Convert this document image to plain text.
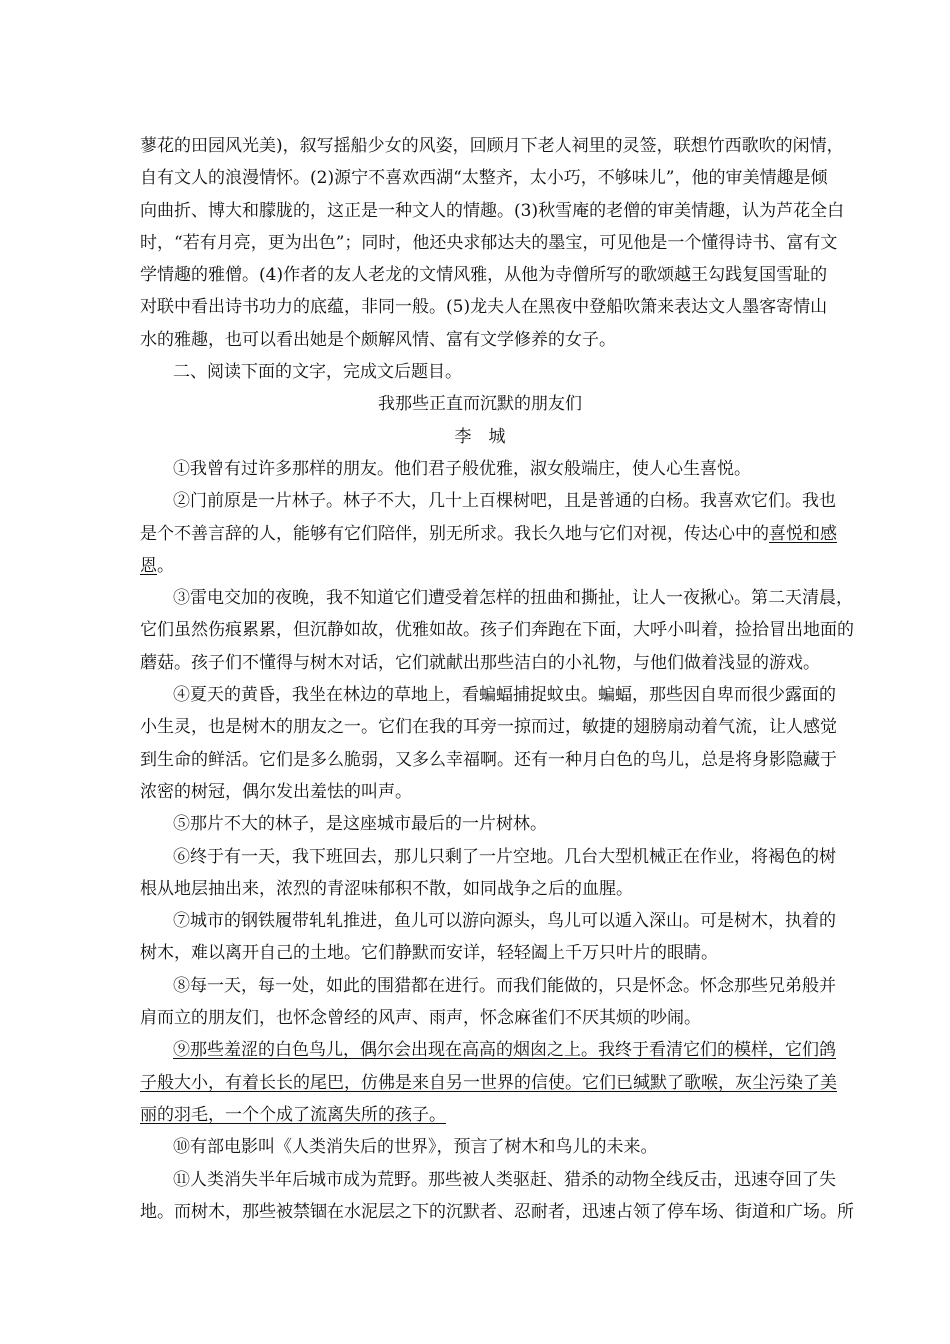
蓼花的田园风光美)，叙写摇船少女的风姿，回顾月下老人祠里的灵签，联想竹西歌吹的闲情，
自有文人的浪漫情怀。(2)源宁不喜欢西湖“太整齐，太小巧，不够味儿”，他的审美情趣是倾
向曲折、博大和朦胧的，这正是一种文人的情趣。(3)秋雪庵的老僧的审美情趣，认为芦花全白
时，“若有月亮，更为出色”；同时，他还央求郁达夫的墨宝，可见他是一个懂得诗书、富有文
学情趣的雅僧。(4)作者的友人老龙的文情风雅，从他为寺僧所写的歌颂越王勾践复国雪耻的
对联中看出诗书功力的底蕴，非同一般。(5)龙夫人在黑夜中登船吹箫来表达文人墨客寄情山
水的雅趣，也可以看出她是个颇解风情、富有文学修养的女子。
二、阅读下面的文字，完成文后题目。
我那些正直而沉默的朋友们
李　城
①我曾有过许多那样的朋友。他们君子般优雅，淑女般端庄，使人心生喜悦。
②门前原是一片林子。林子不大，几十上百棵树吧，且是普通的白杨。我喜欢它们。我也
是个不善言辞的人，能够有它们陪伴，别无所求。我长久地与它们对视，传达心中的喜悦和感
恩。
③雷电交加的夜晚，我不知道它们遭受着怎样的扭曲和撕扯，让人一夜揪心。第二天清晨，
它们虽然伤痕累累，但沉静如故，优雅如故。孩子们奔跑在下面，大呼小叫着，捡拾冒出地面的
蘑菇。孩子们不懂得与树木对话，它们就献出那些洁白的小礼物，与他们做着浅显的游戏。
④夏天的黄昏，我坐在林边的草地上，看蝙蝠捕捉蚊虫。蝙蝠，那些因自卑而很少露面的
小生灵，也是树木的朋友之一。它们在我的耳旁一掠而过，敏捷的翅膀扇动着气流，让人感觉
到生命的鲜活。它们是多么脆弱，又多么幸福啊。还有一种月白色的鸟儿，总是将身影隐藏于
浓密的树冠，偶尔发出羞怯的叫声。
⑤那片不大的林子，是这座城市最后的一片树林。
⑥终于有一天，我下班回去，那儿只剩了一片空地。几台大型机械正在作业，将褐色的树
根从地层抽出来，浓烈的青涩味郁积不散，如同战争之后的血腥。
⑦城市的钢铁履带轧轧推进，鱼儿可以游向源头，鸟儿可以遁入深山。可是树木，执着的
树木，难以离开自己的土地。它们静默而安详，轻轻阖上千万只叶片的眼睛。
⑧每一天，每一处，如此的围猎都在进行。而我们能做的，只是怀念。怀念那些兄弟般并
肩而立的朋友们，也怀念曾经的风声、雨声，怀念麻雀们不厌其烦的吵闹。
⑨那些羞涩的白色鸟儿，偶尔会出现在高高的烟囱之上。我终于看清它们的模样，它们鸽
子般大小，有着长长的尾巴，仿佛是来自另一世界的信使。它们已缄默了歌喉，灰尘污染了美
丽的羽毛，一个个成了流离失所的孩子。
⑩有部电影叫《人类消失后的世界》，预言了树木和鸟儿的未来。
⑪人类消失半年后城市成为荒野。那些被人类驱赶、猎杀的动物全线反击，迅速夺回了失
地。而树木，那些被禁锢在水泥层之下的沉默者、忍耐者，迅速占领了停车场、街道和广场。所
